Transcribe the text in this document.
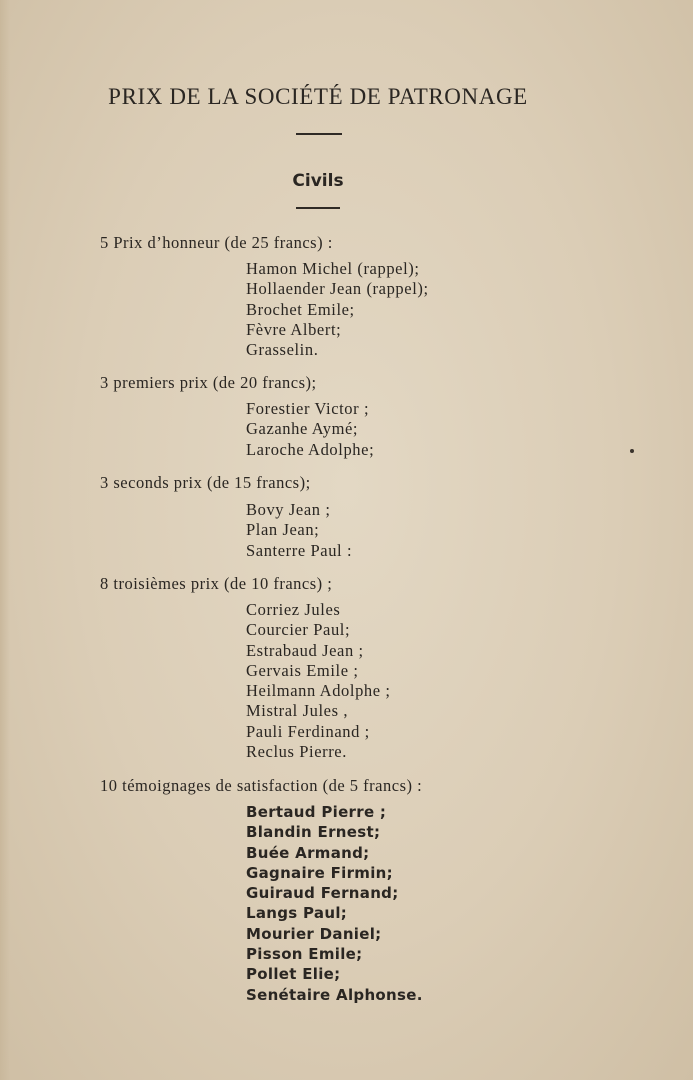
PRIX DE LA SOCIÉTÉ DE PATRONAGE
Civils
5 Prix d’honneur (de 25 francs) :
Hamon Michel (rappel);
Hollaender Jean (rappel);
Brochet Emile;
Fèvre Albert;
Grasselin.
3 premiers prix (de 20 francs);
Forestier Victor ;
Gazanhe Aymé;
Laroche Adolphe;
3 seconds prix (de 15 francs);
Bovy Jean ;
Plan Jean;
Santerre Paul :
8 troisièmes prix (de 10 francs) ;
Corriez Jules
Courcier Paul;
Estrabaud Jean ;
Gervais Emile ;
Heilmann Adolphe ;
Mistral Jules ,
Pauli Ferdinand ;
Reclus Pierre.
10 témoignages de satisfaction (de 5 francs) :
Bertaud Pierre ;
Blandin Ernest;
Buée Armand;
Gagnaire Firmin;
Guiraud Fernand;
Langs Paul;
Mourier Daniel;
Pisson Emile;
Pollet Elie;
Senétaire Alphonse.
